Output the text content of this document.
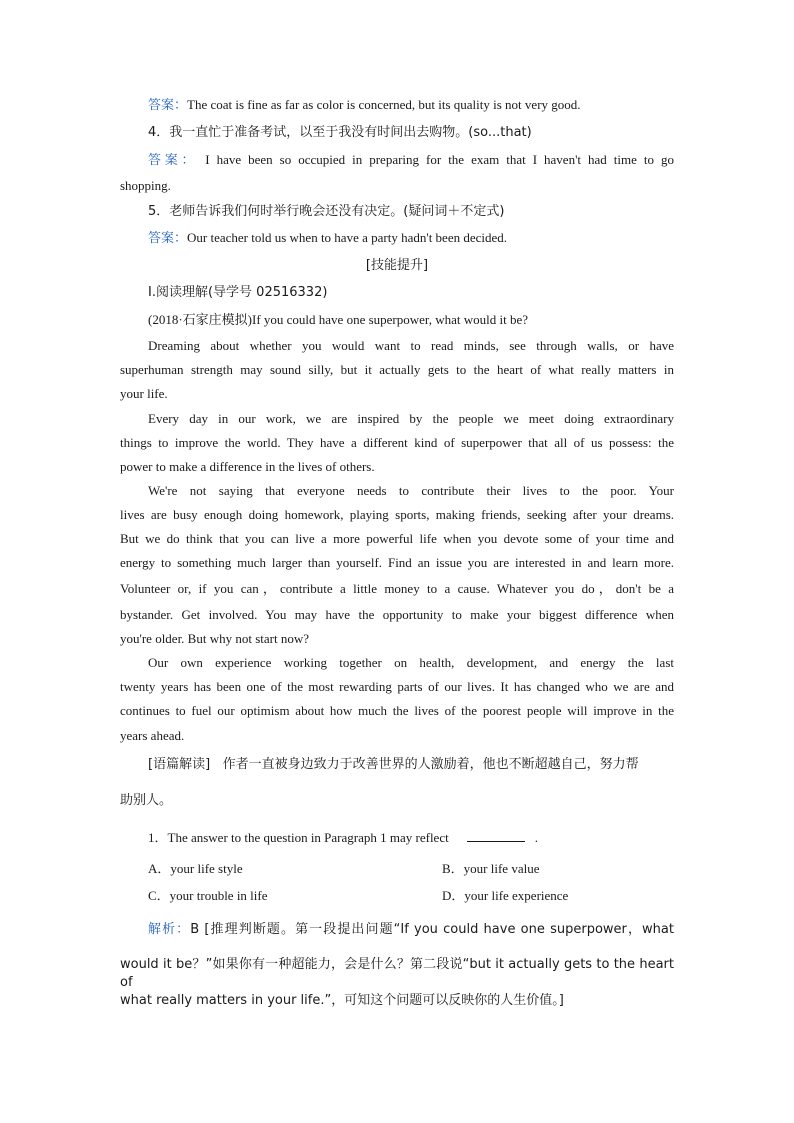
答案：The coat is fine as far as color is concerned, but its quality is not very good.
4．我一直忙于准备考试，以至于我没有时间出去购物。(so...that)
答案： I have been so occupied in preparing for the exam that I haven't had time to go
shopping.
5．老师告诉我们何时举行晚会还没有决定。(疑问词＋不定式)
答案：Our teacher told us when to have a party hadn't been decided.
[技能提升]
Ⅰ.阅读理解(导学号 02516332)
(2018·石家庄模拟)If you could have one superpower, what would it be?
Dreaming about whether you would want to read minds, see through walls, or have
superhuman strength may sound silly, but it actually gets to the heart of what really matters in
your life.
Every day in our work, we are inspired by the people we meet doing extraordinary
things to improve the world. They have a different kind of superpower that all of us possess: the
power to make a difference in the lives of others.
We're not saying that everyone needs to contribute their lives to the poor. Your
lives are busy enough doing homework, playing sports, making friends, seeking after your dreams.
But we do think that you can live a more powerful life when you devote some of your time and
energy to something much larger than yourself. Find an issue you are interested in and learn more.
Volunteer or, if you can，contribute a little money to a cause. Whatever you do，don't be a
bystander. Get involved. You may have the opportunity to make your biggest difference when
you're older. But why not start now?
Our own experience working together on health, development, and energy the last
twenty years has been one of the most rewarding parts of our lives. It has changed who we are and
continues to fuel our optimism about how much the lives of the poorest people will improve in the
years ahead.
[语篇解读] 作者一直被身边致力于改善世界的人激励着，他也不断超越自己，努力帮
助别人。
1．The answer to the question in Paragraph 1 may reflect	.
A．your life style	B．your life value
C．your trouble in life	D．your life experience
解析：B [推理判断题。第一段提出问题“If you could have one superpower，what
would it be？”如果你有一种超能力，会是什么？第二段说“but it actually gets to the heart of
what really matters in your life.”，可知这个问题可以反映你的人生价值。]
